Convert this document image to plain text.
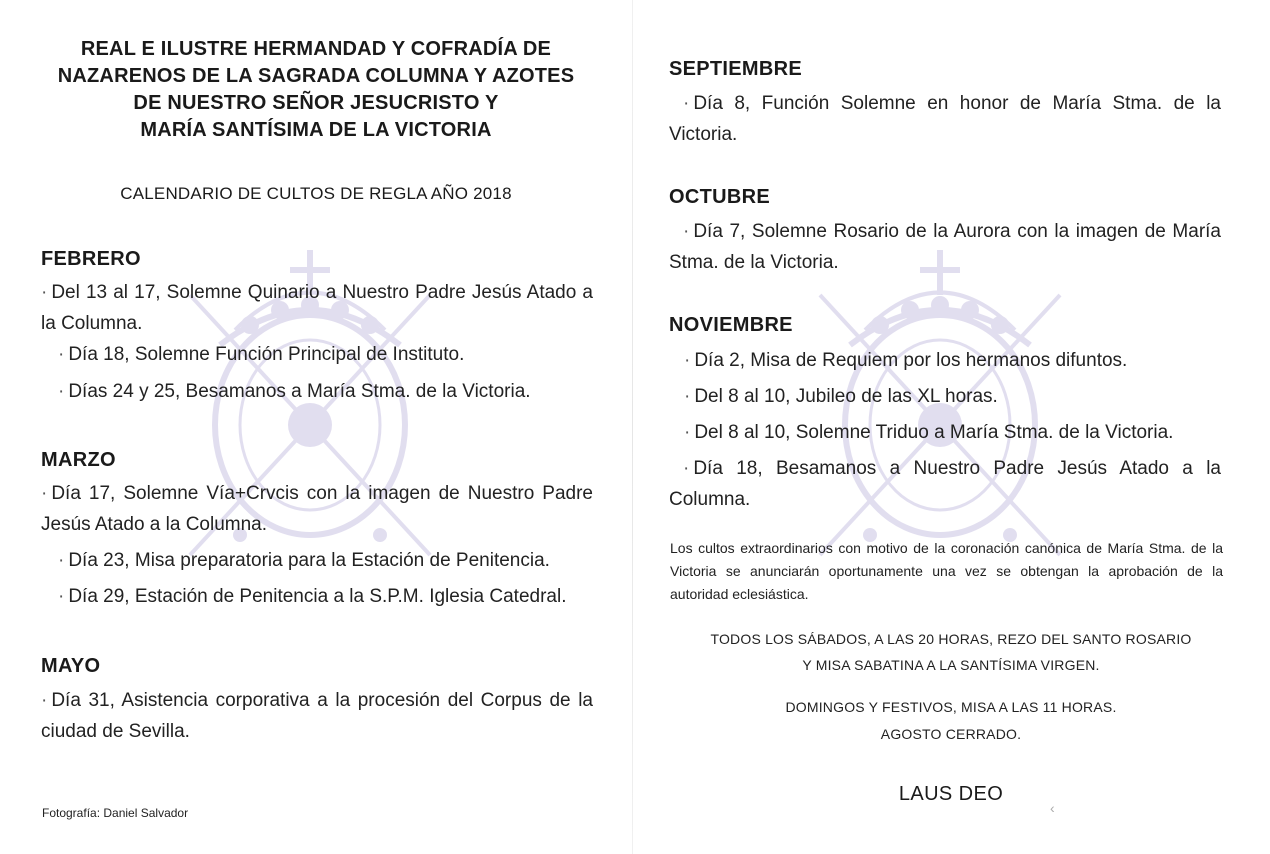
REAL E ILUSTRE HERMANDAD Y COFRADÍA DE
NAZARENOS DE LA SAGRADA COLUMNA Y AZOTES
DE NUESTRO SEÑOR JESUCRISTO Y
MARÍA SANTÍSIMA DE LA VICTORIA
CALENDARIO DE CULTOS DE REGLA AÑO 2018
FEBRERO
· Del 13 al 17, Solemne Quinario a Nuestro Padre Jesús Atado a la Columna.
· Día 18, Solemne Función Principal de Instituto.
· Días 24 y 25, Besamanos a María Stma. de la Victoria.
MARZO
· Día 17, Solemne Vía+Crvcis con la imagen de Nuestro Padre Jesús Atado a la Columna.
· Día 23, Misa preparatoria para la Estación de Penitencia.
· Día 29, Estación de Penitencia a la S.P.M. Iglesia Catedral.
MAYO
· Día 31, Asistencia corporativa a la procesión del Corpus de la ciudad de Sevilla.
Fotografía: Daniel Salvador
SEPTIEMBRE
· Día 8, Función Solemne en honor de María Stma. de la Victoria.
OCTUBRE
· Día 7, Solemne Rosario de la Aurora con la imagen de María Stma. de la Victoria.
NOVIEMBRE
· Día 2, Misa de Requiem por los hermanos difuntos.
· Del 8 al 10, Jubileo de las XL horas.
· Del 8 al 10, Solemne Triduo a María Stma. de la Victoria.
· Día 18, Besamanos a Nuestro Padre Jesús Atado a la Columna.
Los cultos extraordinarios con motivo de la coronación canónica de María Stma. de la Victoria se anunciarán oportunamente una vez se obtengan la aprobación de la autoridad eclesiástica.
TODOS LOS SÁBADOS, A LAS 20 HORAS, REZO DEL SANTO ROSARIO
Y MISA SABATINA A LA SANTÍSIMA VIRGEN.
DOMINGOS Y FESTIVOS, MISA A LAS 11 HORAS.
AGOSTO CERRADO.
LAUS DEO
‹
